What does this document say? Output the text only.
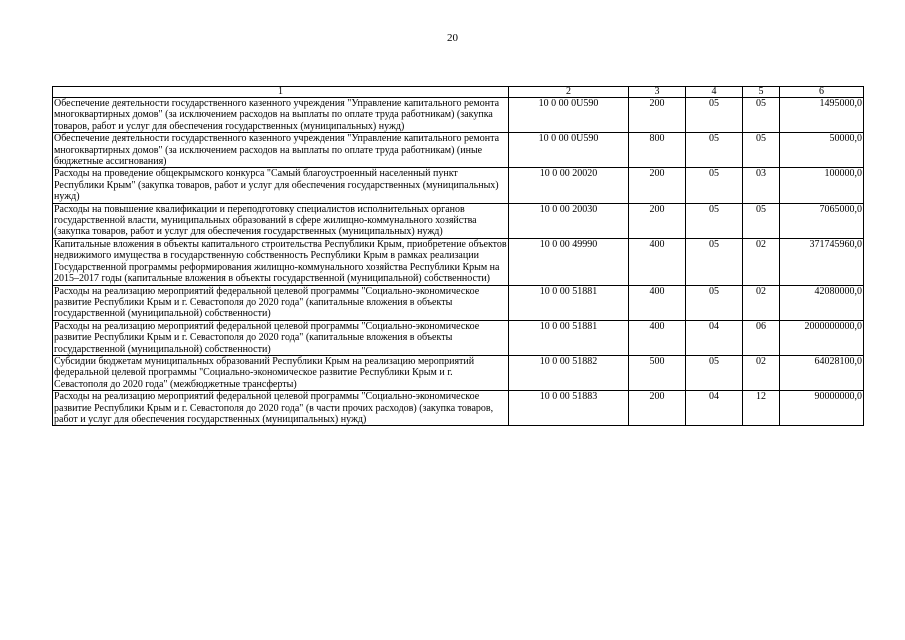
20
1	2	3	4	5	6
Обеспечение деятельности государственного казенного учреждения "Управление капитального ремонта многоквартирных домов" (за исключением расходов на выплаты по оплате труда работникам) (закупка товаров, работ и услуг для обеспечения государственных (муниципальных) нужд)	10 0 00 0U590	200	05	05	1495000,0
Обеспечение деятельности государственного казенного учреждения "Управление капитального ремонта многоквартирных домов" (за исключением расходов на выплаты по оплате труда работникам) (иные бюджетные ассигнования)	10 0 00 0U590	800	05	05	50000,0
Расходы на проведение общекрымского конкурса "Самый благоустроенный населенный пункт Республики Крым" (закупка товаров, работ и услуг для обеспечения государственных (муниципальных) нужд)	10 0 00 20020	200	05	03	100000,0
Расходы на повышение квалификации и переподготовку специалистов исполнительных органов государственной власти, муниципальных образований в сфере жилищно-коммунального хозяйства (закупка товаров, работ и услуг для обеспечения государственных (муниципальных) нужд)	10 0 00 20030	200	05	05	7065000,0
Капитальные вложения в объекты капитального строительства Республики Крым, приобретение объектов недвижимого имущества в государственную собственность Республики Крым в рамках реализации Государственной программы реформирования жилищно-коммунального хозяйства Республики Крым на 2015–2017 годы (капитальные вложения в объекты государственной (муниципальной) собственности)	10 0 00 49990	400	05	02	371745960,0
Расходы на реализацию мероприятий федеральной целевой программы "Социально-экономическое развитие Республики Крым и г. Севастополя до 2020 года" (капитальные вложения в объекты государственной (муниципальной) собственности)	10 0 00 51881	400	05	02	42080000,0
Расходы на реализацию мероприятий федеральной целевой программы "Социально-экономическое развитие Республики Крым и г. Севастополя до 2020 года" (капитальные вложения в объекты государственной (муниципальной) собственности)	10 0 00 51881	400	04	06	2000000000,0
Субсидии бюджетам муниципальных образований Республики Крым на реализацию мероприятий федеральной целевой программы "Социально-экономическое развитие Республики Крым и г. Севастополя до 2020 года" (межбюджетные трансферты)	10 0 00 51882	500	05	02	64028100,0
Расходы на реализацию мероприятий федеральной целевой программы "Социально-экономическое развитие Республики Крым и г. Севастополя до 2020 года" (в части прочих расходов) (закупка товаров, работ и услуг для обеспечения государственных (муниципальных) нужд)	10 0 00 51883	200	04	12	90000000,0
